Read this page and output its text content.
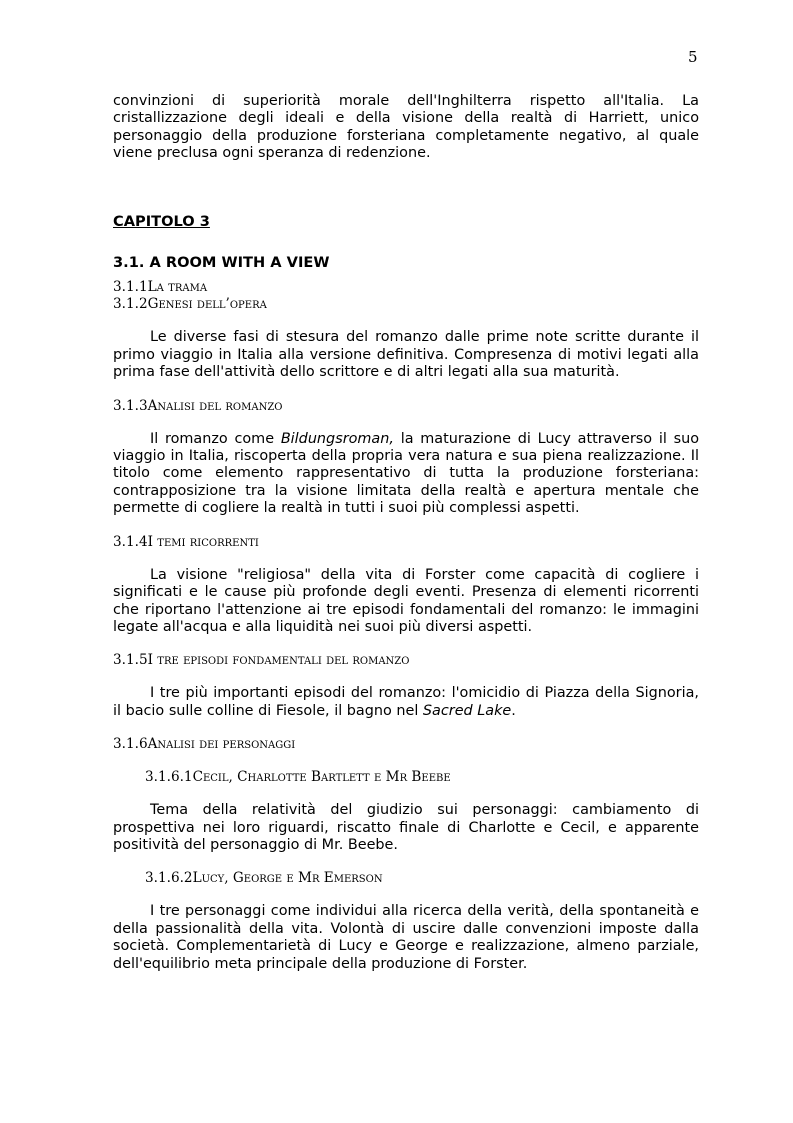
5

convinzioni di superiorità morale dell'Inghilterra rispetto all'Italia. La cristallizzazione degli ideali e della visione della realtà di Harriett, unico personaggio della produzione forsteriana completamente negativo, al quale viene preclusa ogni speranza di redenzione.

CAPITOLO 3

3.1. A ROOM WITH A VIEW

3.1.1La trama

3.1.2Genesi dell’opera

Le diverse fasi di stesura del romanzo dalle prime note scritte durante il primo viaggio in Italia alla versione definitiva. Compresenza di motivi legati alla prima fase dell'attività dello scrittore e di altri legati alla sua maturità.

3.1.3Analisi del romanzo

Il romanzo come Bildungsroman, la maturazione di Lucy attraverso il suo viaggio in Italia, riscoperta della propria vera natura e sua piena realizzazione. Il titolo come elemento rappresentativo di tutta la produzione forsteriana: contrapposizione tra la visione limitata della realtà e apertura mentale che permette di cogliere la realtà in tutti i suoi più complessi aspetti.

3.1.4I temi ricorrenti

La visione "religiosa" della vita di Forster come capacità di cogliere i significati e le cause più profonde degli eventi. Presenza di elementi ricorrenti che riportano l'attenzione ai tre episodi fondamentali del romanzo: le immagini legate all'acqua e alla liquidità nei suoi più diversi aspetti.

3.1.5I tre episodi fondamentali del romanzo

I tre più importanti episodi del romanzo: l'omicidio di Piazza della Signoria, il bacio sulle colline di Fiesole, il bagno nel Sacred Lake.

3.1.6Analisi dei personaggi

3.1.6.1Cecil, Charlotte Bartlett e Mr Beebe

Tema della relatività del giudizio sui personaggi: cambiamento di prospettiva nei loro riguardi, riscatto finale di Charlotte e Cecil, e apparente positività del personaggio di Mr. Beebe.

3.1.6.2Lucy, George e Mr Emerson

I tre personaggi come individui alla ricerca della verità, della spontaneità e della passionalità della vita. Volontà di uscire dalle convenzioni imposte dalla società. Complementarietà di Lucy e George e realizzazione, almeno parziale, dell'equilibrio meta principale della produzione di Forster.
